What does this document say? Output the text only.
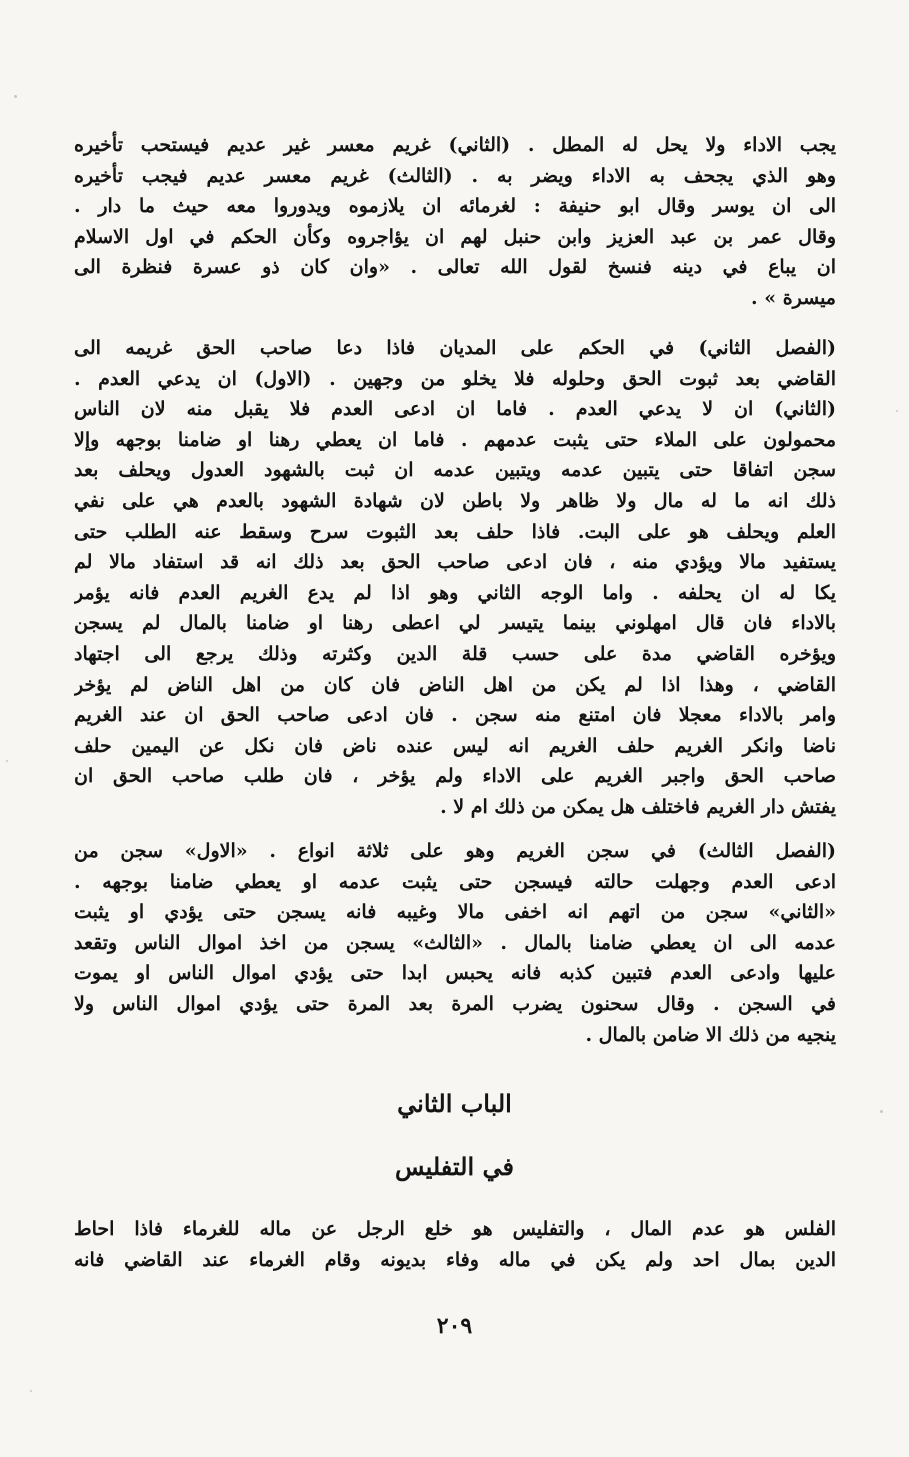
يجب الاداء ولا يحل له المطل . (الثاني) غريم معسر غير عديم فيستحب تأخيره
وهو الذي يجحف به الاداء ويضر به . (الثالث) غريم معسر عديم فيجب تأخيره
الى ان يوسر وقال ابو حنيفة : لغرمائه ان يلازموه ويدوروا معه حيث ما دار .
وقال عمر بن عبد العزيز وابن حنبل لهم ان يؤاجروه وكأن الحكم في اول الاسلام
ان يباع في دينه فنسخ لقول الله تعالى . «وان كان ذو عسرة فنظرة الى
ميسرة » .
(الفصل الثاني) في الحكم على المديان فاذا دعا صاحب الحق غريمه الى
القاضي بعد ثبوت الحق وحلوله فلا يخلو من وجهين . (الاول) ان يدعي العدم .
(الثاني) ان لا يدعي العدم . فاما ان ادعى العدم فلا يقبل منه لان الناس
محمولون على الملاء حتى يثبت عدمهم . فاما ان يعطي رهنا او ضامنا بوجهه وإلا
سجن اتفاقا حتى يتبين عدمه ويتبين عدمه ان ثبت بالشهود العدول ويحلف بعد
ذلك انه ما له مال ولا ظاهر ولا باطن لان شهادة الشهود بالعدم هي على نفي
العلم ويحلف هو على البت. فاذا حلف بعد الثبوت سرح وسقط عنه الطلب حتى
يستفيد مالا ويؤدي منه ، فان ادعى صاحب الحق بعد ذلك انه قد استفاد مالا لم
يكا له ان يحلفه . واما الوجه الثاني وهو اذا لم يدع الغريم العدم فانه يؤمر
بالاداء فان قال امهلوني بينما يتيسر لي اعطى رهنا او ضامنا بالمال لم يسجن
ويؤخره القاضي مدة على حسب قلة الدين وكثرته وذلك يرجع الى اجتهاد
القاضي ، وهذا اذا لم يكن من اهل الناض فان كان من اهل الناض لم يؤخر
وامر بالاداء معجلا فان امتنع منه سجن . فان ادعى صاحب الحق ان عند الغريم
ناضا وانكر الغريم حلف الغريم انه ليس عنده ناض فان نكل عن اليمين حلف
صاحب الحق واجبر الغريم على الاداء ولم يؤخر ، فان طلب صاحب الحق ان
يفتش دار الغريم فاختلف هل يمكن من ذلك ام لا .
(الفصل الثالث) في سجن الغريم وهو على ثلاثة انواع . «الاول» سجن من
ادعى العدم وجهلت حالته فيسجن حتى يثبت عدمه او يعطي ضامنا بوجهه .
«الثاني» سجن من اتهم انه اخفى مالا وغيبه فانه يسجن حتى يؤدي او يثبت
عدمه الى ان يعطي ضامنا بالمال . «الثالث» يسجن من اخذ اموال الناس وتقعد
عليها وادعى العدم فتبين كذبه فانه يحبس ابدا حتى يؤدي اموال الناس او يموت
في السجن . وقال سحنون يضرب المرة بعد المرة حتى يؤدي اموال الناس ولا
ينجيه من ذلك الا ضامن بالمال .
الباب الثاني
في التفليس
الفلس هو عدم المال ، والتفليس هو خلع الرجل عن ماله للغرماء فاذا احاط
الدين بمال احد ولم يكن في ماله وفاء بديونه وقام الغرماء عند القاضي فانه
٢٠٩
